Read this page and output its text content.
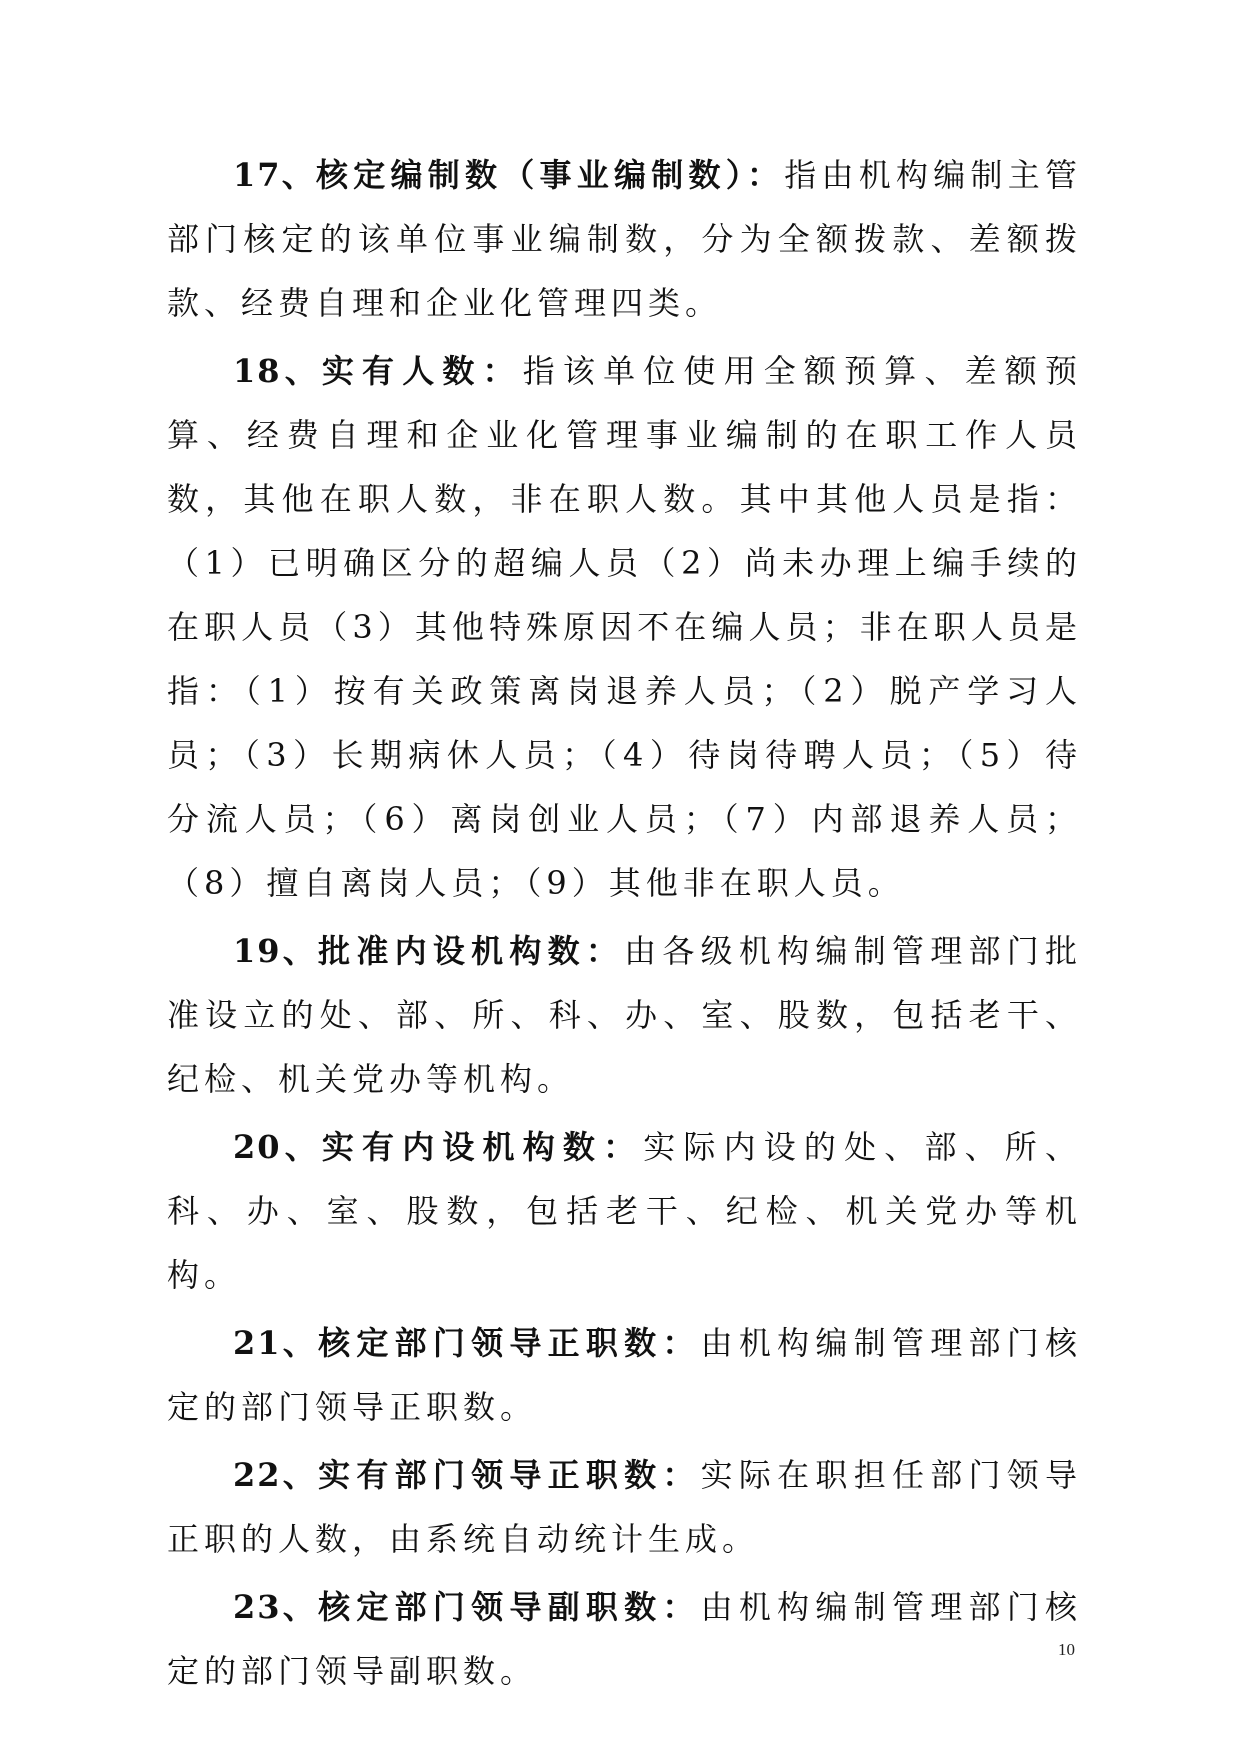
17、核定编制数（事业编制数）：指由机构编制主管部门核定的该单位事业编制数，分为全额拨款、差额拨款、经费自理和企业化管理四类。

18、实有人数：指该单位使用全额预算、差额预算、经费自理和企业化管理事业编制的在职工作人员数，其他在职人数，非在职人数。其中其他人员是指：（1）已明确区分的超编人员（2）尚未办理上编手续的在职人员（3）其他特殊原因不在编人员；非在职人员是指：（1）按有关政策离岗退养人员；（2）脱产学习人员；（3）长期病休人员；（4）待岗待聘人员；（5）待分流人员；（6）离岗创业人员；（7）内部退养人员；（8）擅自离岗人员；（9）其他非在职人员。

19、批准内设机构数：由各级机构编制管理部门批准设立的处、部、所、科、办、室、股数，包括老干、纪检、机关党办等机构。

20、实有内设机构数：实际内设的处、部、所、科、办、室、股数，包括老干、纪检、机关党办等机构。

21、核定部门领导正职数：由机构编制管理部门核定的部门领导正职数。

22、实有部门领导正职数：实际在职担任部门领导正职的人数，由系统自动统计生成。

23、核定部门领导副职数：由机构编制管理部门核定的部门领导副职数。

10
